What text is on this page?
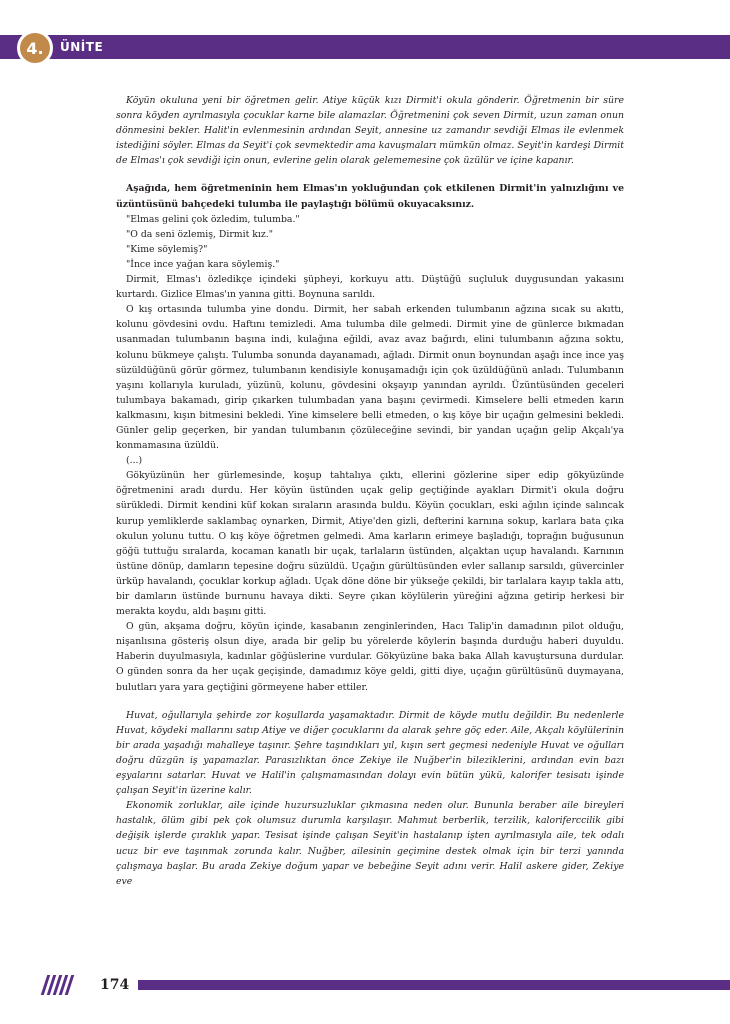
4. ÜNİTE

Köyün okuluna yeni bir öğretmen gelir. Atiye küçük kızı Dirmit'i okula gönderir. Öğretmenin bir süre sonra köyden ayrılmasıyla çocuklar karne bile alamazlar. Öğretmenini çok seven Dirmit, uzun zaman onun dönmesini bekler. Halit'in evlenmesinin ardından Seyit, annesine uz zamandır sevdiği Elmas ile evlenmek istediğini söyler. Elmas da Seyit'i çok sevmektedir ama kavuşmaları mümkün olmaz. Seyit'in kardeşi Dirmit de Elmas'ı çok sevdiği için onun, evlerine gelin olarak gelememesine çok üzülür ve içine kapanır.

Aşağıda, hem öğretmeninin hem Elmas'ın yokluğundan çok etkilenen Dirmit'in yalnızlığını ve üzüntüsünü bahçedeki tulumba ile paylaştığı bölümü okuyacaksınız.

"Elmas gelini çok özledim, tulumba."

"O da seni özlemiş, Dirmit kız."

"Kime söylemiş?"

"İnce ince yağan kara söylemiş."

Dirmit, Elmas'ı özledikçe içindeki şüpheyi, korkuyu attı. Düştüğü suçluluk duygusundan yakasını kurtardı. Gizlice Elmas'ın yanına gitti. Boynuna sarıldı.

O kış ortasında tulumba yine dondu. Dirmit, her sabah erkenden tulumbanın ağzına sıcak su akıttı, kolunu gövdesini ovdu. Haftını temizledi. Ama tulumba dile gelmedi. Dirmit yine de günlerce bıkmadan usanmadan tulumbanın başına indi, kulağına eğildi, avaz avaz bağırdı, elini tulumbanın ağzına soktu, kolunu bükmeye çalıştı. Tulumba sonunda dayanamadı, ağladı. Dirmit onun boynundan aşağı ince ince yaş süzüldüğünü görür görmez, tulumbanın kendisiyle konuşamadığı için çok üzüldüğünü anladı. Tulumbanın yaşını kollarıyla kuruladı, yüzünü, kolunu, gövdesini okşayıp yanından ayrıldı. Üzüntüsünden geceleri tulumbaya bakamadı, girip çıkarken tulumbadan yana başını çevirmedi. Kimselere belli etmeden karın kalkmasını, kışın bitmesini bekledi. Yine kimselere belli etmeden, o kış köye bir uçağın gelmesini bekledi. Günler gelip geçerken, bir yandan tulumbanın çözüleceğine sevindi, bir yandan uçağın gelip Akçalı'ya konmamasına üzüldü.

(...)

Gökyüzünün her gürlemesinde, koşup tahtalıya çıktı, ellerini gözlerine siper edip gökyüzünde öğretmenini aradı durdu. Her köyün üstünden uçak gelip geçtiğinde ayakları Dirmit'i okula doğru sürükledi. Dirmit kendini küf kokan sıraların arasında buldu. Köyün çocukları, eski ağılın içinde salıncak kurup yemliklerde saklambaç oynarken, Dirmit, Atiye'den gizli, defterini karnına sokup, karlara bata çıka okulun yolunu tuttu. O kış köye öğretmen gelmedi. Ama karların erimeye başladığı, toprağın buğusunun göğü tuttuğu sıralarda, kocaman kanatlı bir uçak, tarlaların üstünden, alçaktan uçup havalandı. Karnının üstüne dönüp, damların tepesine doğru süzüldü. Uçağın gürültüsünden evler sallanıp sarsıldı, güvercinler ürküp havalandı, çocuklar korkup ağladı. Uçak döne döne bir yükseğe çekildi, bir tarlalara kayıp takla attı, bir damların üstünde burnunu havaya dikti. Seyre çıkan köylülerin yüreğini ağzına getirip herkesi bir merakta koydu, aldı başını gitti.

O gün, akşama doğru, köyün içinde, kasabanın zenginlerinden, Hacı Talip'in damadının pilot olduğu, nişanlısına gösteriş olsun diye, arada bir gelip bu yörelerde köylerin başında durduğu haberi duyuldu. Haberin duyulmasıyla, kadınlar göğüslerine vurdular. Gökyüzüne baka baka Allah kavuştursuna durdular. O günden sonra da her uçak geçişinde, damadımız köye geldi, gitti diye, uçağın gürültüsünü duymayana, bulutları yara yara geçtiğini görmeyene haber ettiler.

Huvat, oğullarıyla şehirde zor koşullarda yaşamaktadır. Dirmit de köyde mutlu değildir. Bu nedenlerle Huvat, köydeki mallarını satıp Atiye ve diğer çocuklarını da alarak şehre göç eder. Aile, Akçalı köylülerinin bir arada yaşadığı mahalleye taşınır. Şehre taşındıkları yıl, kışın sert geçmesi nedeniyle Huvat ve oğulları doğru düzgün iş yapamazlar. Parasızlıktan önce Zekiye ile Nuğber'in bileziklerini, ardından evin bazı eşyalarını satarlar. Huvat ve Halil'in çalışmamasından dolayı evin bütün yükü, kalorifer tesisatı işinde çalışan Seyit'in üzerine kalır.

Ekonomik zorluklar, aile içinde huzursuzluklar çıkmasına neden olur. Bununla beraber aile bireyleri hastalık, ölüm gibi pek çok olumsuz durumla karşılaşır. Mahmut berberlik, terzilik, kaloriferccilik gibi değişik işlerde çıraklık yapar. Tesisat işinde çalışan Seyit'in hastalanıp işten ayrılmasıyla aile, tek odalı ucuz bir eve taşınmak zorunda kalır. Nuğber, ailesinin geçimine destek olmak için bir terzi yanında çalışmaya başlar. Bu arada Zekiye doğum yapar ve bebeğine Seyit adını verir. Halil askere gider, Zekiye eve

174
